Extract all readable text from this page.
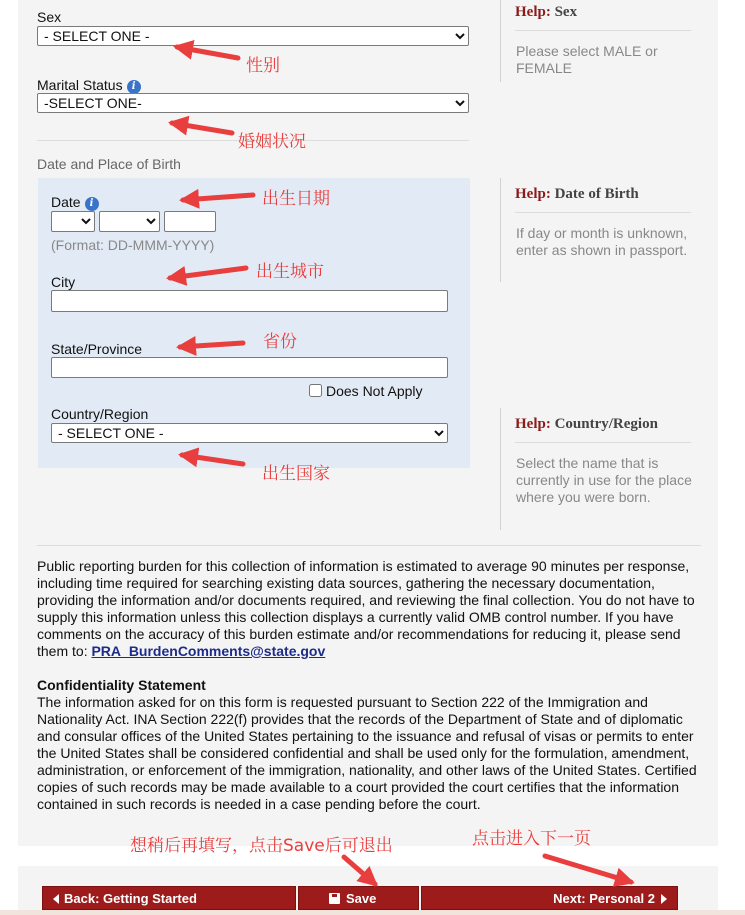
Sex
- SELECT ONE -
Marital Status i
-SELECT ONE-
Date and Place of Birth
Date i
(Format: DD-MMM-YYYY)
City
State/Province
Does Not Apply
Country/Region
- SELECT ONE -
Help: Sex
Please select MALE or FEMALE
Help: Date of Birth
If day or month is unknown, enter as shown in passport.
Help: Country/Region
Select the name that is currently in use for the place where you were born.

Public reporting burden for this collection of information is estimated to average 90 minutes per response, including time required for searching existing data sources, gathering the necessary documentation, providing the information and/or documents required, and reviewing the final collection. You do not have to supply this information unless this collection displays a currently valid OMB control number. If you have comments on the accuracy of this burden estimate and/or recommendations for reducing it, please send them to: PRA_BurdenComments@state.gov

Confidentiality Statement

The information asked for on this form is requested pursuant to Section 222 of the Immigration and Nationality Act. INA Section 222(f) provides that the records of the Department of State and of diplomatic and consular offices of the United States pertaining to the issuance and refusal of visas or permits to enter the United States shall be considered confidential and shall be used only for the formulation, amendment, administration, or enforcement of the immigration, nationality, and other laws of the United States. Certified copies of such records may be made available to a court provided the court certifies that the information contained in such records is needed in a case pending before the court.

Back: Getting Started	Save	Next: Personal 2
性别
婚姻状况
出生日期
出生城市
省份
出生国家
想稍后再填写，点击Save后可退出	点击进入下一页
